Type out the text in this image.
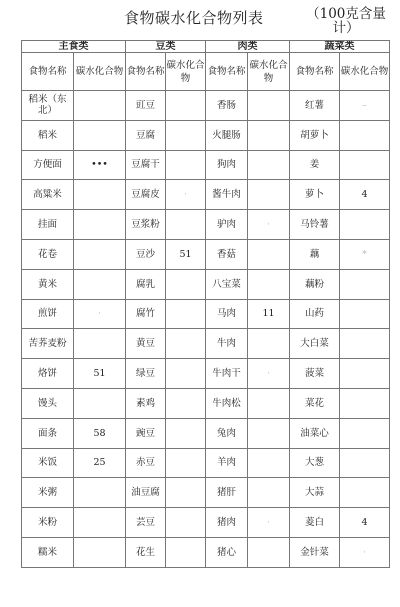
食物碳水化合物列表	（100克含量计）
主食类		豆类		肉类		蔬菜类	
食物名称	碳水化合物	食物名称	碳水化合物	食物名称	碳水化合物	食物名称	碳水化合物
稻米（东北）		豇豆		香肠		红薯	–
稻米		豆腐		火腿肠		胡萝卜	
方便面	•••	豆腐干		狗肉		姜	
高粱米		豆腐皮	·	酱牛肉		萝卜	4
挂面		豆浆粉		驴肉	·	马铃薯	
花卷		豆沙	51	香菇		藕	*
黄米		腐乳		八宝菜		藕粉	
煎饼	·	腐竹		马肉	11	山药	
苦荞麦粉		黄豆		牛肉		大白菜	
烙饼	51	绿豆		牛肉干	·	菠菜	
馒头		素鸡		牛肉松		菜花	
面条	58	豌豆		兔肉		油菜心	
米饭	25	赤豆		羊肉		大葱	
米粥		油豆腐		猪肝		大蒜	
米粉		芸豆		猪肉	·	菱白	4
糯米		花生		猪心		金针菜	·
